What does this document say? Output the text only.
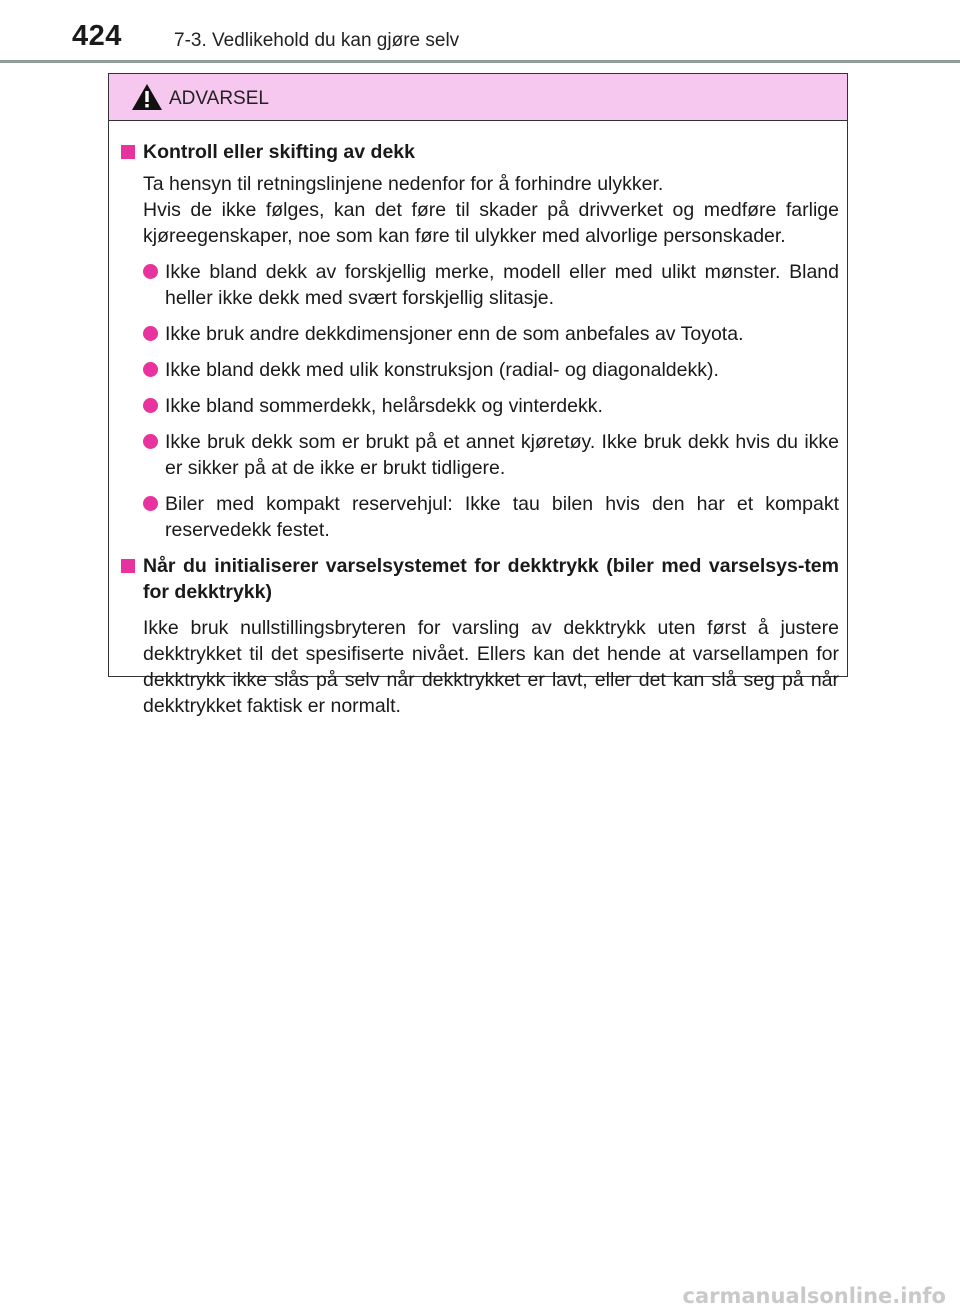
424	7-3. Vedlikehold du kan gjøre selv
ADVARSEL
Kontroll eller skifting av dekk
Ta hensyn til retningslinjene nedenfor for å forhindre ulykker.
Hvis de ikke følges, kan det føre til skader på drivverket og medføre farlige kjøreegenskaper, noe som kan føre til ulykker med alvorlige personskader.
Ikke bland dekk av forskjellig merke, modell eller med ulikt mønster. Bland heller ikke dekk med svært forskjellig slitasje.
Ikke bruk andre dekkdimensjoner enn de som anbefales av Toyota.
Ikke bland dekk med ulik konstruksjon (radial- og diagonaldekk).
Ikke bland sommerdekk, helårsdekk og vinterdekk.
Ikke bruk dekk som er brukt på et annet kjøretøy. Ikke bruk dekk hvis du ikke er sikker på at de ikke er brukt tidligere.
Biler med kompakt reservehjul: Ikke tau bilen hvis den har et kompakt reservedekk festet.
Når du initialiserer varselsystemet for dekktrykk (biler med varselsys-tem for dekktrykk)
Ikke bruk nullstillingsbryteren for varsling av dekktrykk uten først å justere dekktrykket til det spesifiserte nivået. Ellers kan det hende at varsellampen for dekktrykk ikke slås på selv når dekktrykket er lavt, eller det kan slå seg på når dekktrykket faktisk er normalt.
carmanualsonline.info
